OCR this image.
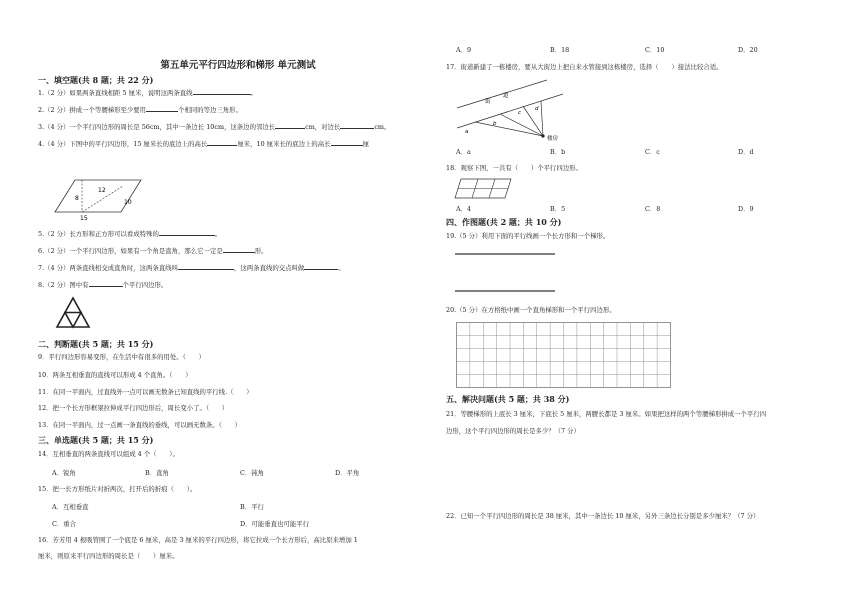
第五单元平行四边形和梯形 单元测试
一、填空题(共 8 题；共 22 分)
1.（2 分）如果两条直线相距 5 厘米，说明这两条直线	。
2.（2 分）拼成一个等腰梯形至少要用	个相同的等边三角形。
3.（4 分）一个平行四边形的周长是 56cm，其中一条边长 10cm，这条边的邻边长	cm，对边长	cm。
4.（4 分）下图中的平行四边形，15 厘米长的底边上的高长	厘米，10 厘米长的底边上的高长	厘
8
12
10
15
5.（2 分）长方形和正方形可以看成特殊的	。
6.（2 分）一个平行四边形，如果有一个角是直角，那么它一定是	形。
7.（4 分）两条直线相交成直角时，这两条直线叫	，这两条直线的交点叫做	。
8.（2 分）图中有	个平行四边形。
二、判断题(共 5 题；共 15 分)
9．平行四边形容易变形，在生活中有很多的用处。（　　）
10．两条互相垂直的直线可以形成 4 个直角。（　　）
11．在同一平面内，过直线外一点可以画无数条已知直线的平行线.（　　）
12．把一个长方形框架拉伸成平行四边形后，周长变小了。（　　）
13．在同一平面内，过一点画一条直线的垂线，可以画无数条。（　　）
三、单选题(共 5 题；共 15 分)
14．互相垂直的两条直线可以组成 4 个（　　）。
A．锐角	B．直角	C．钝角	D．平角
15．把一长方形纸片对折两次，打开后的折痕（　　）。
A．互相垂直	B．平行
C．重合	D．可能垂直也可能平行
16．芳芳用 4 根吸管围了一个底是 6 厘米，高是 3 厘米的平行四边形，将它拉成一个长方形后，高比原来增加 1
厘米，则原来平行四边形的周长是（　　）厘米。
A．9	B．18	C．10	D．20
17．街道新建了一栋楼房，要从大街边上把自来水管接到这栋楼房，选择（　　）接法比较合适。
街
道
a
b
c
d
楼房
A．a	B．b	C．c	D．d
18．观察下图，一共有（　　）个平行四边形。
A．4	B．5	C．8	D．9
四、作图题(共 2 题；共 10 分)
19.（5 分）利用下面的平行线画一个长方形和一个梯形。
20.（5 分）在方格纸中画一个直角梯形和一个平行四边形。
五、解决问题(共 5 题；共 38 分)
21．等腰梯形的上底长 3 厘米，下底长 5 厘米，两腰长都是 3 厘米。如果把这样的两个等腰梯形拼成一个平行四
边形，这个平行四边形的周长是多少？（7 分）
22．已知一个平行四边形的周长是 38 厘米，其中一条边长 10 厘米，另外三条边长分别是多少厘米？（7 分）
